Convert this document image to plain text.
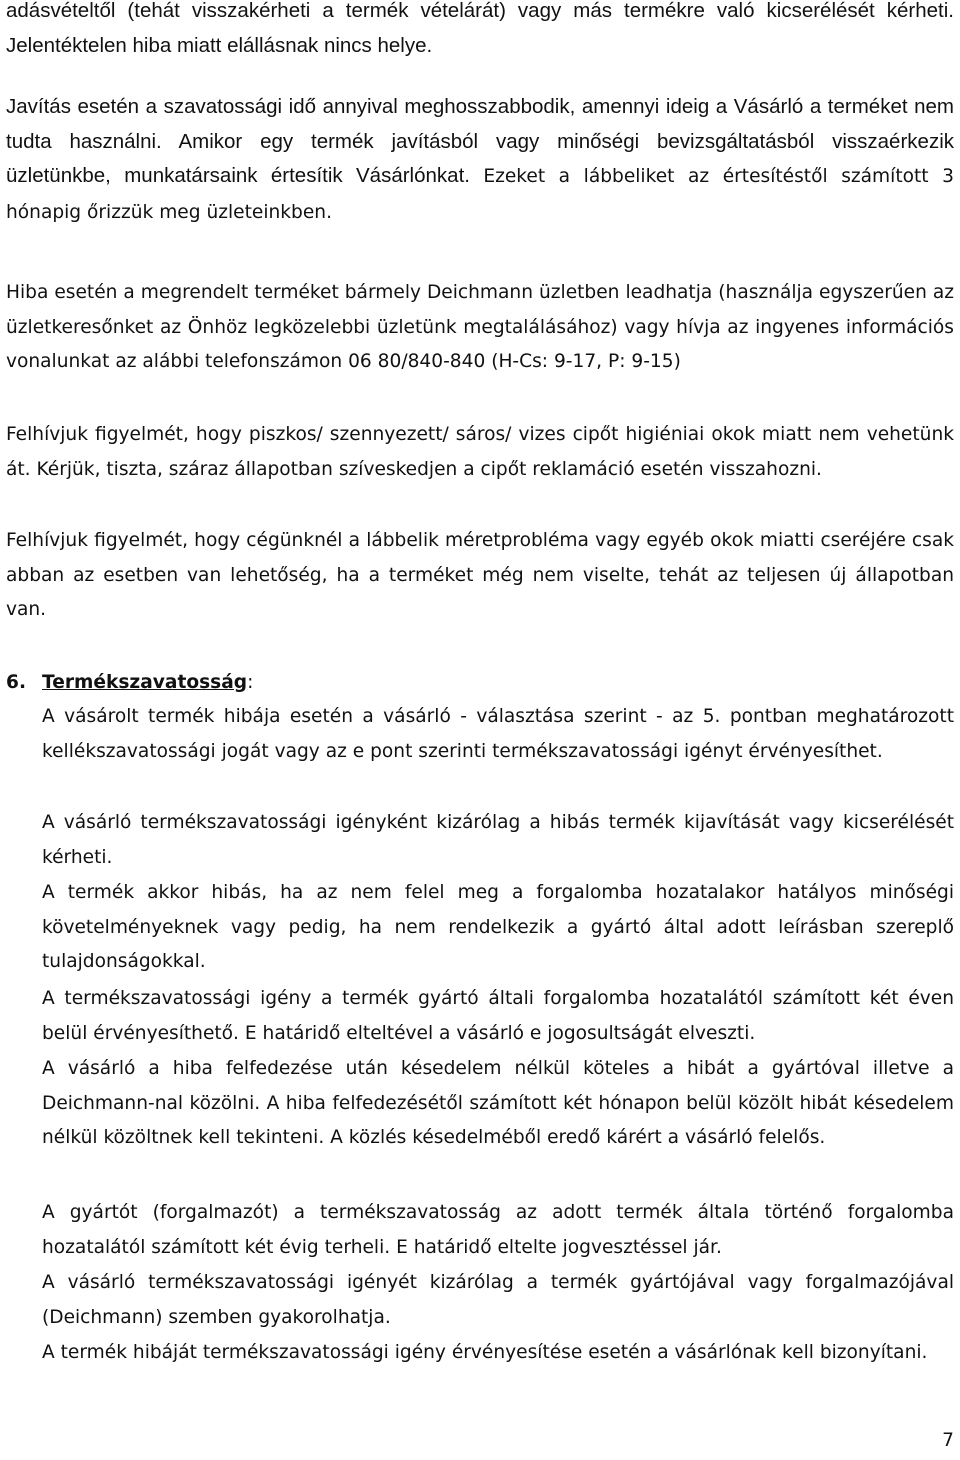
adásvételtől (tehát visszakérheti a termék vételárát) vagy más termékre való kicserélését kérheti. Jelentéktelen hiba miatt elállásnak nincs helye.

Javítás esetén a szavatossági idő annyival meghosszabbodik, amennyi ideig a Vásárló a terméket nem tudta használni. Amikor egy termék javításból vagy minőségi bevizsgáltatásból visszaérkezik üzletünkbe, munkatársaink értesítik Vásárlónkat. Ezeket a lábbeliket az értesítéstől számított 3 hónapig őrizzük meg üzleteinkben.

Hiba esetén a megrendelt terméket bármely Deichmann üzletben leadhatja (használja egyszerűen az üzletkeresőnket az Önhöz legközelebbi üzletünk megtalálásához) vagy hívja az ingyenes információs vonalunkat az alábbi telefonszámon 06 80/840-840 (H-Cs: 9-17, P: 9-15)

Felhívjuk figyelmét, hogy piszkos/ szennyezett/ sáros/ vizes cipőt higiéniai okok miatt nem vehetünk át. Kérjük, tiszta, száraz állapotban szíveskedjen a cipőt reklamáció esetén visszahozni.

Felhívjuk figyelmét, hogy cégünknél a lábbelik méretprobléma vagy egyéb okok miatti cseréjére csak abban az esetben van lehetőség, ha a terméket még nem viselte, tehát az teljesen új állapotban van.

6. Termékszavatosság:

A vásárolt termék hibája esetén a vásárló - választása szerint - az 5. pontban meghatározott kellékszavatossági jogát vagy az e pont szerinti termékszavatossági igényt érvényesíthet.

A vásárló termékszavatossági igényként kizárólag a hibás termék kijavítását vagy kicserélését kérheti.

A termék akkor hibás, ha az nem felel meg a forgalomba hozatalakor hatályos minőségi követelményeknek vagy pedig, ha nem rendelkezik a gyártó által adott leírásban szereplő tulajdonságokkal.

A termékszavatossági igény a termék gyártó általi forgalomba hozatalától számított két éven belül érvényesíthető. E határidő elteltével a vásárló e jogosultságát elveszti.

A vásárló a hiba felfedezése után késedelem nélkül köteles a hibát a gyártóval illetve a Deichmann-nal közölni. A hiba felfedezésétől számított két hónapon belül közölt hibát késedelem nélkül közöltnek kell tekinteni. A közlés késedelméből eredő kárért a vásárló felelős.

A gyártót (forgalmazót) a termékszavatosság az adott termék általa történő forgalomba hozatalától számított két évig terheli. E határidő eltelte jogvesztéssel jár.

A vásárló termékszavatossági igényét kizárólag a termék gyártójával vagy forgalmazójával (Deichmann) szemben gyakorolhatja.

A termék hibáját termékszavatossági igény érvényesítése esetén a vásárlónak kell bizonyítani.

7
